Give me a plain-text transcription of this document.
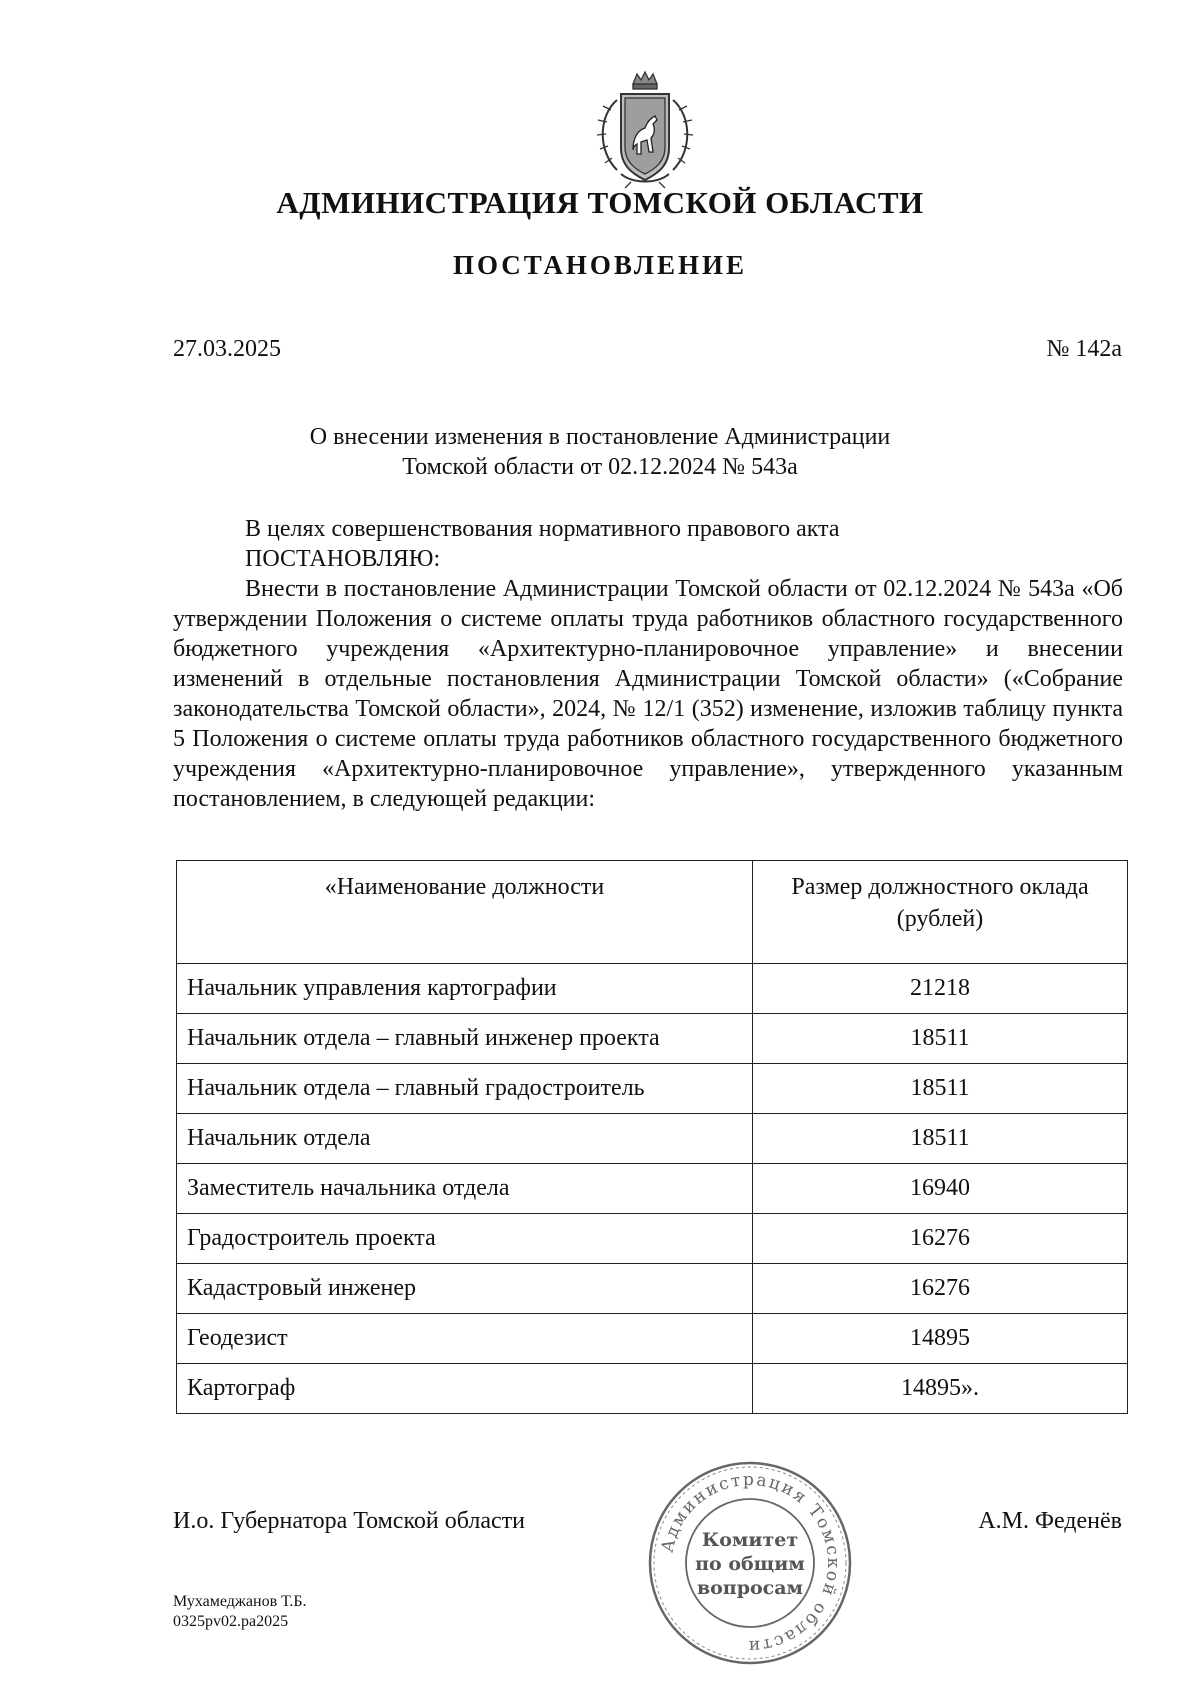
АДМИНИСТРАЦИЯ ТОМСКОЙ ОБЛАСТИ
ПОСТАНОВЛЕНИЕ
27.03.2025	№ 142а
О внесении изменения в постановление Администрации
Томской области от 02.12.2024 № 543а
В целях совершенствования нормативного правового акта
ПОСТАНОВЛЯЮ:
Внести в постановление Администрации Томской области от 02.12.2024 № 543а «Об утверждении Положения о системе оплаты труда работников областного государственного бюджетного учреждения «Архитектурно-планировочное управление» и внесении изменений в отдельные постановления Администрации Томской области» («Собрание законодательства Томской области», 2024, № 12/1 (352) изменение, изложив таблицу пункта 5 Положения о системе оплаты труда работников областного государственного бюджетного учреждения «Архитектурно-планировочное управление», утвержденного указанным постановлением, в следующей редакции:
«Наименование должности	Размер должностного оклада
(рублей)
Начальник управления картографии	21218
Начальник отдела – главный инженер проекта	18511
Начальник отдела – главный градостроитель	18511
Начальник отдела	18511
Заместитель начальника отдела	16940
Градостроитель проекта	16276
Кадастровый инженер	16276
Геодезист	14895
Картограф	14895».
И.о. Губернатора Томской области	А.М. Феденёв
Администрация Томской области
Комитет
по общим
вопросам
Мухамеджанов Т.Б.
0325рv02.ра2025
